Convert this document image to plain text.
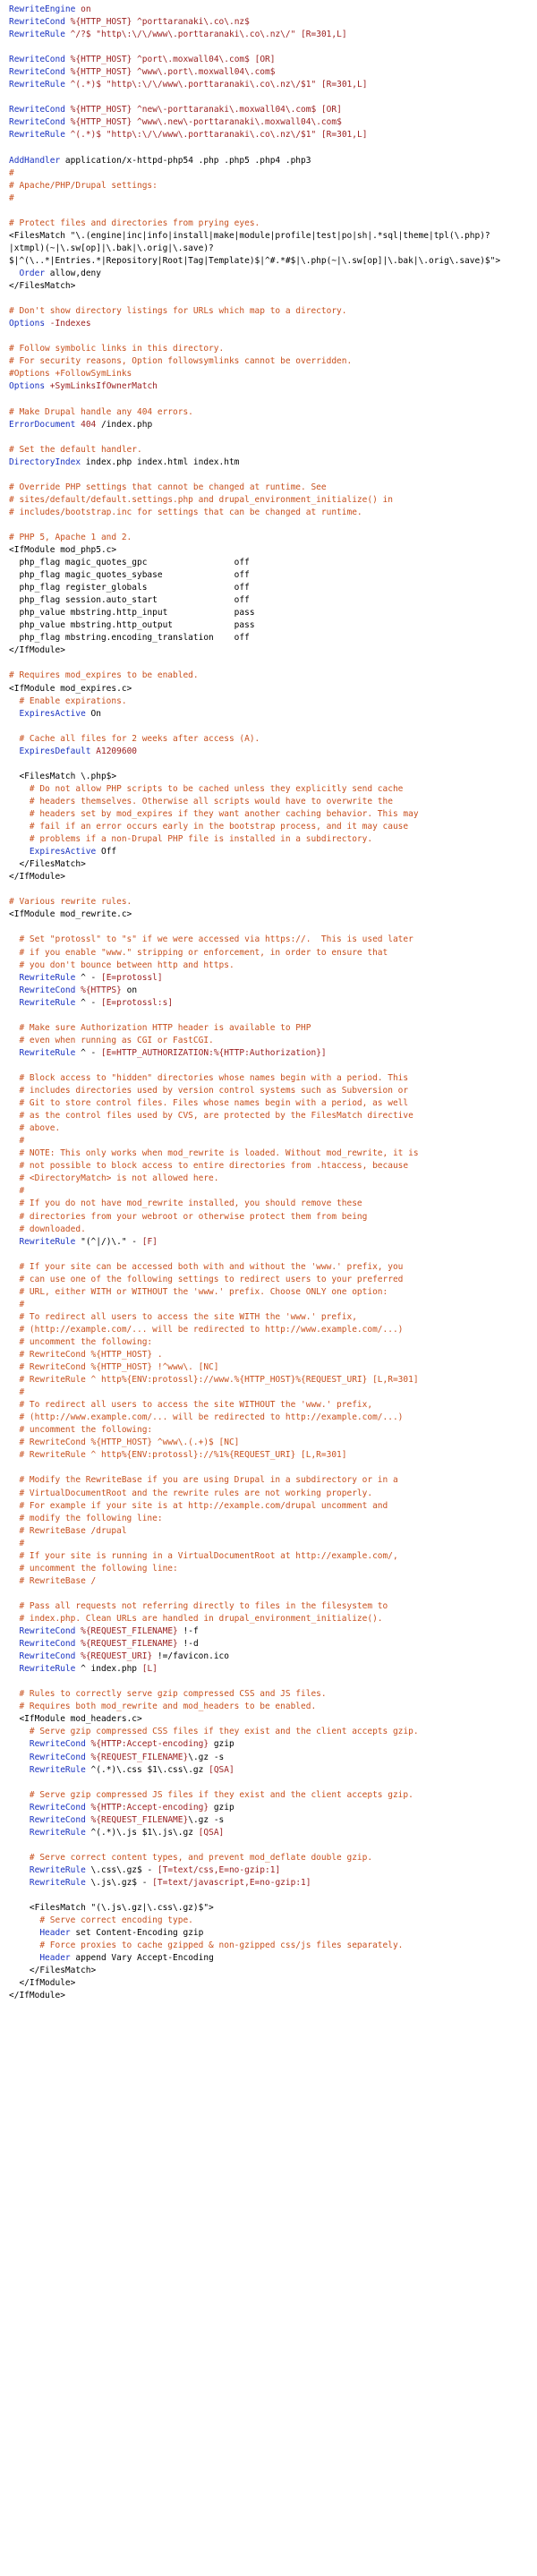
RewriteEngine on
RewriteCond %{HTTP_HOST} ^porttaranaki\.co\.nz$
RewriteRule ^/?$ "http\:\/\/www\.porttaranaki\.co\.nz\/" [R=301,L]
RewriteCond %{HTTP_HOST} ^port\.moxwall04\.com$ [OR]
RewriteCond %{HTTP_HOST} ^www\.port\.moxwall04\.com$
RewriteRule ^(.*)$ "http\:\/\/www\.porttaranaki\.co\.nz\/$1" [R=301,L]
RewriteCond %{HTTP_HOST} ^new\-porttaranaki\.moxwall04\.com$ [OR]
RewriteCond %{HTTP_HOST} ^www\.new\-porttaranaki\.moxwall04\.com$
RewriteRule ^(.*)$ "http\:\/\/www\.porttaranaki\.co\.nz\/$1" [R=301,L]
AddHandler application/x-httpd-php54 .php .php5 .php4 .php3
#
# Apache/PHP/Drupal settings:
#
# Protect files and directories from prying eyes.
<FilesMatch "\.(engine|inc|info|install|make|module|profile|test|po|sh|.*sql|theme|tpl(\.php)?
|xtmpl)(~|\.sw[op]|\.bak|\.orig|\.save)?
$|^(\..*|Entries.*|Repository|Root|Tag|Template)$|^#.*#$|\.php(~|\.sw[op]|\.bak|\.orig\.save)$">
Order allow,deny
</FilesMatch>
# Don't show directory listings for URLs which map to a directory.
Options -Indexes
# Follow symbolic links in this directory.
# For security reasons, Option followsymlinks cannot be overridden.
#Options +FollowSymLinks
Options +SymLinksIfOwnerMatch
# Make Drupal handle any 404 errors.
ErrorDocument 404 /index.php
# Set the default handler.
DirectoryIndex index.php index.html index.htm
# Override PHP settings that cannot be changed at runtime. See
# sites/default/default.settings.php and drupal_environment_initialize() in
# includes/bootstrap.inc for settings that can be changed at runtime.
# PHP 5, Apache 1 and 2.
<IfModule mod_php5.c>
php_flag magic_quotes_gpc                 off
php_flag magic_quotes_sybase              off
php_flag register_globals                 off
php_flag session.auto_start               off
php_value mbstring.http_input             pass
php_value mbstring.http_output            pass
php_flag mbstring.encoding_translation    off
</IfModule>
# Requires mod_expires to be enabled.
<IfModule mod_expires.c>
# Enable expirations.
ExpiresActive On
# Cache all files for 2 weeks after access (A).
ExpiresDefault A1209600
<FilesMatch \.php$>
# Do not allow PHP scripts to be cached unless they explicitly send cache
# headers themselves. Otherwise all scripts would have to overwrite the
# headers set by mod_expires if they want another caching behavior. This may
# fail if an error occurs early in the bootstrap process, and it may cause
# problems if a non-Drupal PHP file is installed in a subdirectory.
ExpiresActive Off
</FilesMatch>
</IfModule>
# Various rewrite rules.
<IfModule mod_rewrite.c>
# Set "protossl" to "s" if we were accessed via https://.  This is used later
# if you enable "www." stripping or enforcement, in order to ensure that
# you don't bounce between http and https.
RewriteRule ^ - [E=protossl]
RewriteCond %{HTTPS} on
RewriteRule ^ - [E=protossl:s]
# Make sure Authorization HTTP header is available to PHP
# even when running as CGI or FastCGI.
RewriteRule ^ - [E=HTTP_AUTHORIZATION:%{HTTP:Authorization}]
# Block access to "hidden" directories whose names begin with a period. This
# includes directories used by version control systems such as Subversion or
# Git to store control files. Files whose names begin with a period, as well
# as the control files used by CVS, are protected by the FilesMatch directive
# above.
#
# NOTE: This only works when mod_rewrite is loaded. Without mod_rewrite, it is
# not possible to block access to entire directories from .htaccess, because
# <DirectoryMatch> is not allowed here.
#
# If you do not have mod_rewrite installed, you should remove these
# directories from your webroot or otherwise protect them from being
# downloaded.
RewriteRule "(^|/)\." - [F]
# If your site can be accessed both with and without the 'www.' prefix, you
# can use one of the following settings to redirect users to your preferred
# URL, either WITH or WITHOUT the 'www.' prefix. Choose ONLY one option:
#
# To redirect all users to access the site WITH the 'www.' prefix,
# (http://example.com/... will be redirected to http://www.example.com/...)
# uncomment the following:
# RewriteCond %{HTTP_HOST} .
# RewriteCond %{HTTP_HOST} !^www\. [NC]
# RewriteRule ^ http%{ENV:protossl}://www.%{HTTP_HOST}%{REQUEST_URI} [L,R=301]
#
# To redirect all users to access the site WITHOUT the 'www.' prefix,
# (http://www.example.com/... will be redirected to http://example.com/...)
# uncomment the following:
# RewriteCond %{HTTP_HOST} ^www\.(.+)$ [NC]
# RewriteRule ^ http%{ENV:protossl}://%1%{REQUEST_URI} [L,R=301]
# Modify the RewriteBase if you are using Drupal in a subdirectory or in a
# VirtualDocumentRoot and the rewrite rules are not working properly.
# For example if your site is at http://example.com/drupal uncomment and
# modify the following line:
# RewriteBase /drupal
#
# If your site is running in a VirtualDocumentRoot at http://example.com/,
# uncomment the following line:
# RewriteBase /
# Pass all requests not referring directly to files in the filesystem to
# index.php. Clean URLs are handled in drupal_environment_initialize().
RewriteCond %{REQUEST_FILENAME} !-f
RewriteCond %{REQUEST_FILENAME} !-d
RewriteCond %{REQUEST_URI} !=/favicon.ico
RewriteRule ^ index.php [L]
# Rules to correctly serve gzip compressed CSS and JS files.
# Requires both mod_rewrite and mod_headers to be enabled.
<IfModule mod_headers.c>
# Serve gzip compressed CSS files if they exist and the client accepts gzip.
RewriteCond %{HTTP:Accept-encoding} gzip
RewriteCond %{REQUEST_FILENAME}\.gz -s
RewriteRule ^(.*)\.css $1\.css\.gz [QSA]
# Serve gzip compressed JS files if they exist and the client accepts gzip.
RewriteCond %{HTTP:Accept-encoding} gzip
RewriteCond %{REQUEST_FILENAME}\.gz -s
RewriteRule ^(.*)\.js $1\.js\.gz [QSA]
# Serve correct content types, and prevent mod_deflate double gzip.
RewriteRule \.css\.gz$ - [T=text/css,E=no-gzip:1]
RewriteRule \.js\.gz$ - [T=text/javascript,E=no-gzip:1]
<FilesMatch "(\.js\.gz|\.css\.gz)$">
# Serve correct encoding type.
Header set Content-Encoding gzip
# Force proxies to cache gzipped & non-gzipped css/js files separately.
Header append Vary Accept-Encoding
</FilesMatch>
</IfModule>
</IfModule>
